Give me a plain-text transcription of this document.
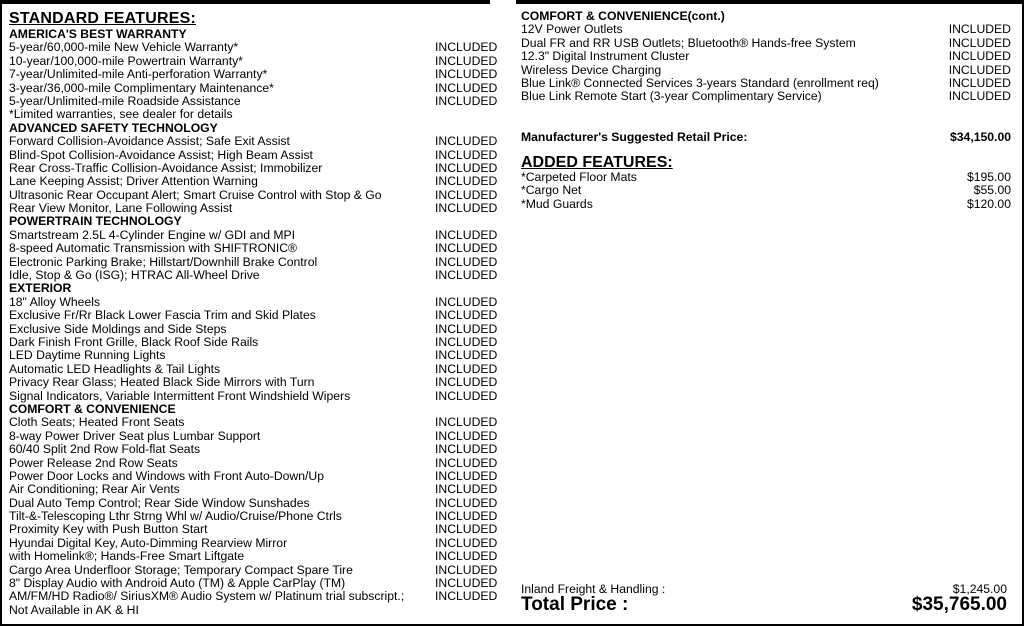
STANDARD FEATURES:
AMERICA'S BEST WARRANTY
5-year/60,000-mile New Vehicle Warranty*	INCLUDED
10-year/100,000-mile Powertrain Warranty*	INCLUDED
7-year/Unlimited-mile Anti-perforation Warranty*	INCLUDED
3-year/36,000-mile Complimentary Maintenance*	INCLUDED
5-year/Unlimited-mile Roadside Assistance	INCLUDED
*Limited warranties, see dealer for details
ADVANCED SAFETY TECHNOLOGY
Forward Collision-Avoidance Assist; Safe Exit Assist	INCLUDED
Blind-Spot Collision-Avoidance Assist; High Beam Assist	INCLUDED
Rear Cross-Traffic Collision-Avoidance Assist; Immobilizer	INCLUDED
Lane Keeping Assist; Driver Attention Warning	INCLUDED
Ultrasonic Rear Occupant Alert; Smart Cruise Control with Stop & Go	INCLUDED
Rear View Monitor, Lane Following Assist	INCLUDED
POWERTRAIN TECHNOLOGY
Smartstream 2.5L 4-Cylinder Engine w/ GDI and MPI	INCLUDED
8-speed Automatic Transmission with SHIFTRONIC®	INCLUDED
Electronic Parking Brake; Hillstart/Downhill Brake Control	INCLUDED
Idle, Stop & Go (ISG); HTRAC All-Wheel Drive	INCLUDED
EXTERIOR
18" Alloy Wheels	INCLUDED
Exclusive Fr/Rr Black Lower Fascia Trim and Skid Plates	INCLUDED
Exclusive Side Moldings and Side Steps	INCLUDED
Dark Finish Front Grille, Black Roof Side Rails	INCLUDED
LED Daytime Running Lights	INCLUDED
Automatic LED Headlights & Tail Lights	INCLUDED
Privacy Rear Glass; Heated Black Side Mirrors with Turn	INCLUDED
Signal Indicators, Variable Intermittent Front Windshield Wipers	INCLUDED
COMFORT & CONVENIENCE
Cloth Seats; Heated Front Seats	INCLUDED
8-way Power Driver Seat plus Lumbar Support	INCLUDED
60/40 Split 2nd Row Fold-flat Seats	INCLUDED
Power Release 2nd Row Seats	INCLUDED
Power Door Locks and Windows with Front Auto-Down/Up	INCLUDED
Air Conditioning; Rear Air Vents	INCLUDED
Dual Auto Temp Control; Rear Side Window Sunshades	INCLUDED
Tilt-&-Telescoping Lthr Strng Whl w/ Audio/Cruise/Phone Ctrls	INCLUDED
Proximity Key with Push Button Start	INCLUDED
Hyundai Digital Key, Auto-Dimming Rearview Mirror	INCLUDED
with Homelink®; Hands-Free Smart Liftgate	INCLUDED
Cargo Area Underfloor Storage; Temporary Compact Spare Tire	INCLUDED
8" Display Audio with Android Auto (TM) & Apple CarPlay (TM)	INCLUDED
AM/FM/HD Radio®/ SiriusXM® Audio System w/ Platinum trial subscript.;	INCLUDED
Not Available in AK & HI
COMFORT & CONVENIENCE(cont.)
12V Power Outlets	INCLUDED
Dual FR and RR USB Outlets; Bluetooth® Hands-free System	INCLUDED
12.3" Digital Instrument Cluster	INCLUDED
Wireless Device Charging	INCLUDED
Blue Link® Connected Services 3-years Standard (enrollment req)	INCLUDED
Blue Link Remote Start (3-year Complimentary Service)	INCLUDED
Manufacturer's Suggested Retail Price:	$34,150.00
ADDED FEATURES:
*Carpeted Floor Mats	$195.00
*Cargo Net	$55.00
*Mud Guards	$120.00
Inland Freight & Handling :	$1,245.00
Total Price :	$35,765.00
